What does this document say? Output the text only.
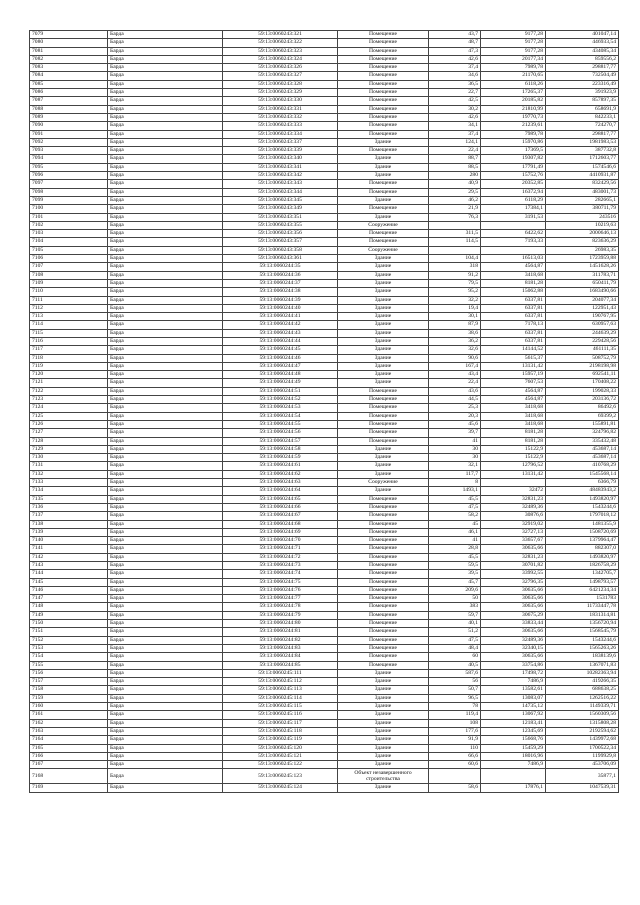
7079	Барда	59:13:0060243:321	Помещение	43,7	9177,28	401047,14
7080	Барда	59:13:0060243:322	Помещение	48,7	9177,28	446933,54
7081	Барда	59:13:0060243:323	Помещение	47,3	9177,28	434085,34
7082	Барда	59:13:0060243:324	Помещение	42,6	20177,34	859556,2
7083	Барда	59:13:0060243:326	Помещение	37,4	7989,78	298817,77
7084	Барда	59:13:0060243:327	Помещение	34,6	21170,65	732504,49
7085	Барда	59:13:0060243:328	Помещение	36,5	6118,26	223316,49
7086	Барда	59:13:0060243:329	Помещение	22,7	17265,37	391923,9
7087	Барда	59:13:0060243:330	Помещение	42,5	20185,82	857897,35
7088	Барда	59:13:0060243:331	Помещение	30,2	21810,99	658691,9
7089	Барда	59:13:0060243:332	Помещение	42,6	19770,73	842233,1
7090	Барда	59:13:0060243:333	Помещение	34,1	21239,61	724270,7
7091	Барда	59:13:0060243:334	Помещение	37,4	7989,78	298817,77
7092	Барда	59:13:0060243:337	Здание	124,1	15970,86	1981983,53
7093	Барда	59:13:0060243:339	Помещение	22,4	17369,5	387732,8
7094	Барда	59:13:0060243:340	Здание	88,7	19307,82	1712603,77
7095	Барда	59:13:0060243:341	Здание	88,5	17791,49	1574546,6
7096	Барда	59:13:0060243:342	Здание	280	15752,76	4410931,87
7097	Барда	59:13:0060243:343	Помещение	40,9	20352,85	832429,56
7098	Барда	59:13:0060243:344	Помещение	29,5	16372,94	483001,73
7099	Барда	59:13:0060243:345	Здание	46,2	6118,29	282665,1
7100	Барда	59:13:0060243:349	Помещение	21,9	17384,1	380711,79
7101	Барда	59:13:0060243:351	Здание	76,3	3191,53	243516
7102	Барда	59:13:0060243:355	Сооружение			10219,63
7103	Барда	59:13:0060243:356	Помещение	311,5	6422,62	2000646,13
7104	Барда	59:13:0060243:357	Помещение	114,5	7193,33	823636,29
7105	Барда	59:13:0060243:358	Сооружение			26983,35
7106	Барда	59:13:0060243:361	Здание	104,4	16513,03	1723959,88
7107	Барда	59:13:0060244:35	Здание	318	4564,87	1451628,26
7108	Барда	59:13:0060244:36	Здание	91,2	3418,68	311783,71
7109	Барда	59:13:0060244:37	Здание	79,5	8181,28	650411,79
7110	Барда	59:13:0060244:38	Здание	95,2	15062,88	1683490,66
7111	Барда	59:13:0060244:39	Здание	32,2	6337,81	204077,34
7112	Барда	59:13:0060244:40	Здание	19,4	6337,81	122951,43
7113	Барда	59:13:0060244:41	Здание	30,1	6337,81	190767,95
7114	Барда	59:13:0060244:42	Здание	87,9	7178,13	630957,63
7115	Барда	59:13:0060244:43	Здание	38,6	6337,81	244639,29
7116	Барда	59:13:0060244:44	Здание	36,2	6337,81	229428,56
7117	Барда	59:13:0060244:45	Здание	32,6	14144,52	461111,35
7118	Барда	59:13:0060244:46	Здание	90,6	5615,37	508752,79
7119	Барда	59:13:0060244:47	Здание	167,4	13131,42	2198198,98
7120	Барда	59:13:0060244:48	Здание	43,4	15957,19	692541,11
7121	Барда	59:13:0060244:49	Здание	22,4	7607,53	170408,22
7122	Барда	59:13:0060244:51	Помещение	43,6	4564,87	199028,33
7123	Барда	59:13:0060244:52	Помещение	44,5	4564,87	203136,72
7124	Барда	59:13:0060244:53	Помещение	25,3	3418,68	86492,6
7125	Барда	59:13:0060244:54	Помещение	20,3	3418,68	69399,2
7126	Барда	59:13:0060244:55	Помещение	45,6	3418,68	155891,81
7127	Барда	59:13:0060244:56	Помещение	39,7	8181,28	324796,82
7128	Барда	59:13:0060244:57	Помещение	41	8181,28	335432,48
7129	Барда	59:13:0060244:58	Здание	30	15122,9	453687,14
7130	Барда	59:13:0060244:59	Здание	30	15122,9	453687,14
7131	Барда	59:13:0060244:61	Здание	32,1	12796,52	410768,29
7132	Барда	59:13:0060244:62	Здание	117,7	13131,42	1545568,14
7133	Барда	59:13:0060244:63	Сооружение	8		6366,79
7134	Барда	59:13:0060244:64	Здание	1493,1	32472	48483943,2
7135	Барда	59:13:0060244:65	Помещение	45,5	32831,23	1493820,97
7136	Барда	59:13:0060244:66	Помещение	47,5	32489,36	1543244,6
7137	Барда	59:13:0060244:67	Помещение	58,2	30876,6	1797018,12
7138	Барда	59:13:0060244:68	Помещение	45	32919,02	1481355,9
7139	Барда	59:13:0060244:69	Помещение	46,1	32727,13	1508720,69
7140	Барда	59:13:0060244:70	Помещение	41	33657,67	1379964,47
7141	Барда	59:13:0060244:71	Помещение	28,8	30635,66	882307,0
7142	Барда	59:13:0060244:72	Помещение	45,5	32831,23	1493820,97
7143	Барда	59:13:0060244:73	Помещение	59,5	30701,82	1826758,29
7144	Барда	59:13:0060244:74	Помещение	39,5	33992,55	1342705,7
7145	Барда	59:13:0060244:75	Помещение	45,7	32796,35	1498793,57
7146	Барда	59:13:0060244:76	Помещение	209,6	30635,66	6421234,34
7147	Барда	59:13:0060244:77	Помещение	50	30635,66	1531783
7148	Барда	59:13:0060244:78	Помещение	383	30635,66	11733447,78
7149	Барда	59:13:0060244:79	Помещение	59,7	30675,29	1831314,81
7150	Барда	59:13:0060244:80	Помещение	40,1	33833,44	1356720,94
7151	Барда	59:13:0060244:81	Помещение	51,2	30635,66	1568545,79
7152	Барда	59:13:0060244:82	Помещение	47,5	32489,36	1543244,6
7153	Барда	59:13:0060244:83	Помещение	48,4	32340,15	1565263,26
7154	Барда	59:13:0060244:84	Помещение	60	30635,66	1838139,6
7155	Барда	59:13:0060244:85	Помещение	40,5	33754,86	1367071,83
7156	Барда	59:13:0060245:111	Здание	587,6	17498,72	10282363,94
7157	Барда	59:13:0060245:112	Здание	56	7486,9	419266,35
7158	Барда	59:13:0060245:113	Здание	50,7	13582,61	688638,25
7159	Барда	59:13:0060245:114	Здание	96,5	13083,07	1262516,22
7160	Барда	59:13:0060245:115	Здание	78	14735,12	1149339,71
7161	Барда	59:13:0060245:116	Здание	119,4	13067,92	1560309,56
7162	Барда	59:13:0060245:117	Здание	108	12183,41	1315808,28
7163	Барда	59:13:0060245:118	Здание	177,6	12345,69	2192594,62
7164	Барда	59:13:0060245:119	Здание	91,9	15668,76	1439972,68
7165	Барда	59:13:0060245:120	Здание	110	15459,29	1700522,34
7166	Барда	59:13:0060245:121	Здание	66,6	18016,96	1199929,8
7167	Барда	59:13:0060245:122	Здание	60,6	7486,9	453706,09
7168	Барда	59:13:0060245:123	Объект незавершенного строительства			35877,1
7169	Барда	59:13:0060245:124	Здание	58,6	17876,1	1047539,31
